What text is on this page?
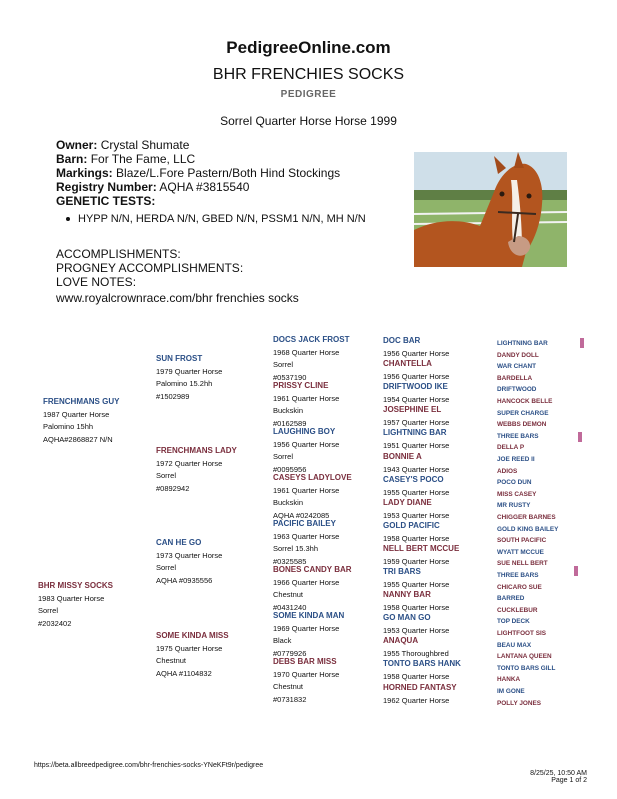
PedigreeOnline.com
BHR FRENCHIES SOCKS
PEDIGREE
Sorrel Quarter Horse Horse 1999
Owner: Crystal Shumate
Barn: For The Fame, LLC
Markings: Blaze/L.Fore Pastern/Both Hind Stockings
Registry Number: AQHA #3815540
GENETIC TESTS:
HYPP N/N, HERDA N/N, GBED N/N, PSSM1 N/N, MH N/N
ACCOMPLISHMENTS:
PROGNEY ACCOMPLISHMENTS:
LOVE NOTES:
www.royalcrownrace.com/bhr frenchies socks
https://beta.allbreedpedigree.com/bhr-frenchies-socks-YNeKFt9r/pedigree
8/25/25, 10:50 AM
Page 1 of 2
FRENCHMANS GUY
1987 Quarter Horse
Palomino 15hh
AQHA#2868827 N/N
BHR MISSY SOCKS
1983 Quarter Horse
Sorrel
#2032402
SUN FROST
1979 Quarter Horse
Palomino 15.2hh
#1502989
FRENCHMANS LADY
1972 Quarter Horse
Sorrel
#0892942
CAN HE GO
1973 Quarter Horse
Sorrel
AQHA #0935556
SOME KINDA MISS
1975 Quarter Horse
Chestnut
AQHA #1104832
DOCS JACK FROST
1968 Quarter Horse
Sorrel
#0537190
PRISSY CLINE
1961 Quarter Horse
Buckskin
#0162589
LAUGHING BOY
1956 Quarter Horse
Sorrel
#0095956
CASEYS LADYLOVE
1961 Quarter Horse
Buckskin
AQHA #0242085
PACIFIC BAILEY
1963 Quarter Horse
Sorrel 15.3hh
#0325585
BONES CANDY BAR
1966 Quarter Horse
Chestnut
#0431240
SOME KINDA MAN
1969 Quarter Horse
Black
#0779926
DEBS BAR MISS
1970 Quarter Horse
Chestnut
#0731832
DOC BAR
1956 Quarter Horse
CHANTELLA
1956 Quarter Horse
DRIFTWOOD IKE
1954 Quarter Horse
JOSEPHINE EL
1957 Quarter Horse
LIGHTNING BAR
1951 Quarter Horse
BONNIE A
1943 Quarter Horse
CASEY'S POCO
1955 Quarter Horse
LADY DIANE
1953 Quarter Horse
GOLD PACIFIC
1958 Quarter Horse
NELL BERT MCCUE
1959 Quarter Horse
TRI BARS
1955 Quarter Horse
NANNY BAR
1958 Quarter Horse
GO MAN GO
1953 Quarter Horse
ANAQUA
1955 Thoroughbred
TONTO BARS HANK
1958 Quarter Horse
HORNED FANTASY
1962 Quarter Horse
LIGHTNING BAR
DANDY DOLL
WAR CHANT
BARDELLA
DRIFTWOOD
HANCOCK BELLE
SUPER CHARGE
WEBBS DEMON
THREE BARS
DELLA P
JOE REED II
ADIOS
POCO DUN
MISS CASEY
MR RUSTY
CHIGGER BARNES
GOLD KING BAILEY
SOUTH PACIFIC
WYATT MCCUE
SUE NELL BERT
THREE BARS
CHICARO SUE
BARRED
CUCKLEBUR
TOP DECK
LIGHTFOOT SIS
BEAU MAX
LANTANA QUEEN
TONTO BARS GILL
HANKA
IM GONE
POLLY JONES
